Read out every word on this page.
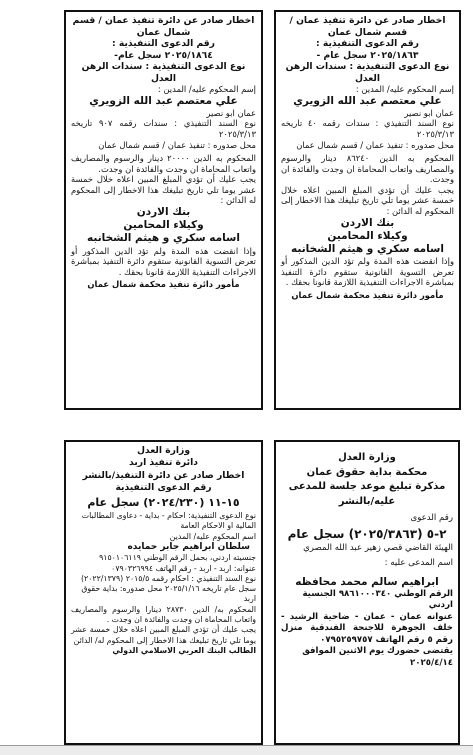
اخطار صادر عن دائرة تنفيذ عمان / قسم شمال عمان
رقم الدعوى التنفيذية :
٢٠٢٥/١٨٦٣ سجل عام -
نوع الدعوى التنفيذية : سندات الرهن العدل
إسم المحكوم عليه/ المدين :
علي معتصم عبد الله الزويري
عمان ابو نصير
نوع السند التنفيذي : سندات رقمه ٤٠ تاريخه ٢٠٢٥/٣/١٣
محل صدوره : تنفيذ عمان / قسم شمال عمان
المحكوم به الدين ٨٦٢٤٠ دينار والرسوم والمصاريف واتعاب المحاماة ان وجدت والفائدة ان وجدت.
يجب عليك أن تؤدي المبلغ المبين اعلاه خلال خمسة عشر يوما تلي تاريخ تبليغك هذا الاخطار إلى المحكوم له الدائن :
بنك الاردن
وكيلاء المحامين
اسامه سكري و هيثم الشخانبه
وإذا انقضت هذه المدة ولم تؤد الدين المذكور أو تعرض التسوية القانونية ستقوم دائرة التنفيذ بمباشرة الاجراءات التنفيذية اللازمة قانونا بحقك .
مأمور دائرة تنفيذ محكمة شمال عمان
اخطار صادر عن دائرة تنفيذ عمان / قسم شمال عمان
رقم الدعوى التنفيذية :
٢٠٢٥/١٨٦٤ سجل عام-
نوع الدعوى التنفيذية : سندات الرهن العدل
إسم المحكوم عليه/ المدين :
علي معتصم عبد الله الزويري
عمان ابو نصير
نوع السند التنفيذي : سندات رقمه ٩٠٧ تاريخه ٢٠٢٥/٣/١٣
محل صدوره : تنفيذ عمان / قسم شمال عمان
المحكوم به الدين ٢٠٠٠٠ دينار والرسوم والمصاريف واتعاب المحاماة ان وجدت والفائدة ان وجدت.
يجب عليك أن تؤدي المبلغ المبين اعلاه خلال خمسة عشر يوما تلي تاريخ تبليغك هذا الاخطار إلى المحكوم له الدائن :
بنك الاردن
وكيلاء المحامين
اسامه سكري و هيثم الشخانبه
وإذا انقضت هذه المدة ولم تؤد الدين المذكور أو تعرض التسوية القانونية ستقوم دائرة التنفيذ بمباشرة الاجراءات التنفيذية اللازمة قانونا بحقك .
مأمور دائرة تنفيذ محكمة شمال عمان
وزارة العدل
محكمة بداية حقوق عمان
مذكرة تبليغ موعد جلسة للمدعى عليه/بالنشر
رقم الدعوى
٢-٥ (٢٠٢٥/٣٨٦٣) سجل عام
الهيئة القاضي قصي زهير عبد الله المصري
اسم المدعى عليه :
ابراهيم سالم محمد محافظه
الرقم الوطني ٩٨٦١٠٠٠٣٤٠ الجنسية اردني
عنوانه عمان - عمان - ضاحية الرشيد - خلف الجوهرة للاجنحة الفندقية منزل رقم ٥ رقم الهاتف ٠٧٩٥٢٥٩٧٥٧
يقتضى حضورك يوم الاثنين الموافق ٢٠٢٥/٤/١٤
وزارة العدل
دائرة تنفيذ اربد
اخطار صادر عن دائرة التنفيذ/بالنشر
رقم الدعوى التنفيذية
١٥-١١ (٢٠٢٤/٢٣٠) سجل عام
نوع الدعوى التنفيذية: احكام - بداية - دعاوى المطالبات المالية او الاحكام العامة
اسم المحكوم عليه/ المدين
سلطان ابراهيم جابر حمايده
جنسيته اردني، بحمل الرقم الوطني ٩١٥٠١٠٦١١٩
عنوانه: اربد - اربد - رقم الهاتف ٠٧٩٠٣٢٦٩٩٤
نوع السند التنفيذي : احكام رقمه ٢٠١٥/٥ (٢٠٢٢/١٣٧٩)
سجل عام تاريخه ٢٠٢٥/١/١٦ محل صدوره: بداية حقوق اربد
المحكوم به/ الدين ٢٨٧٣٠ دينارا والرسوم والمصاريف واتعاب المحاماة ان وجدت والفائدة ان وجدت .
يجب عليك أن تؤدي المبلغ المبين اعلاه خلال خمسة عشر يوما تلي تاريخ تبليغك هذا الاخطار إلى المحكوم له/ الدائن
الطالب البنك العربي الاسلامي الدولي
